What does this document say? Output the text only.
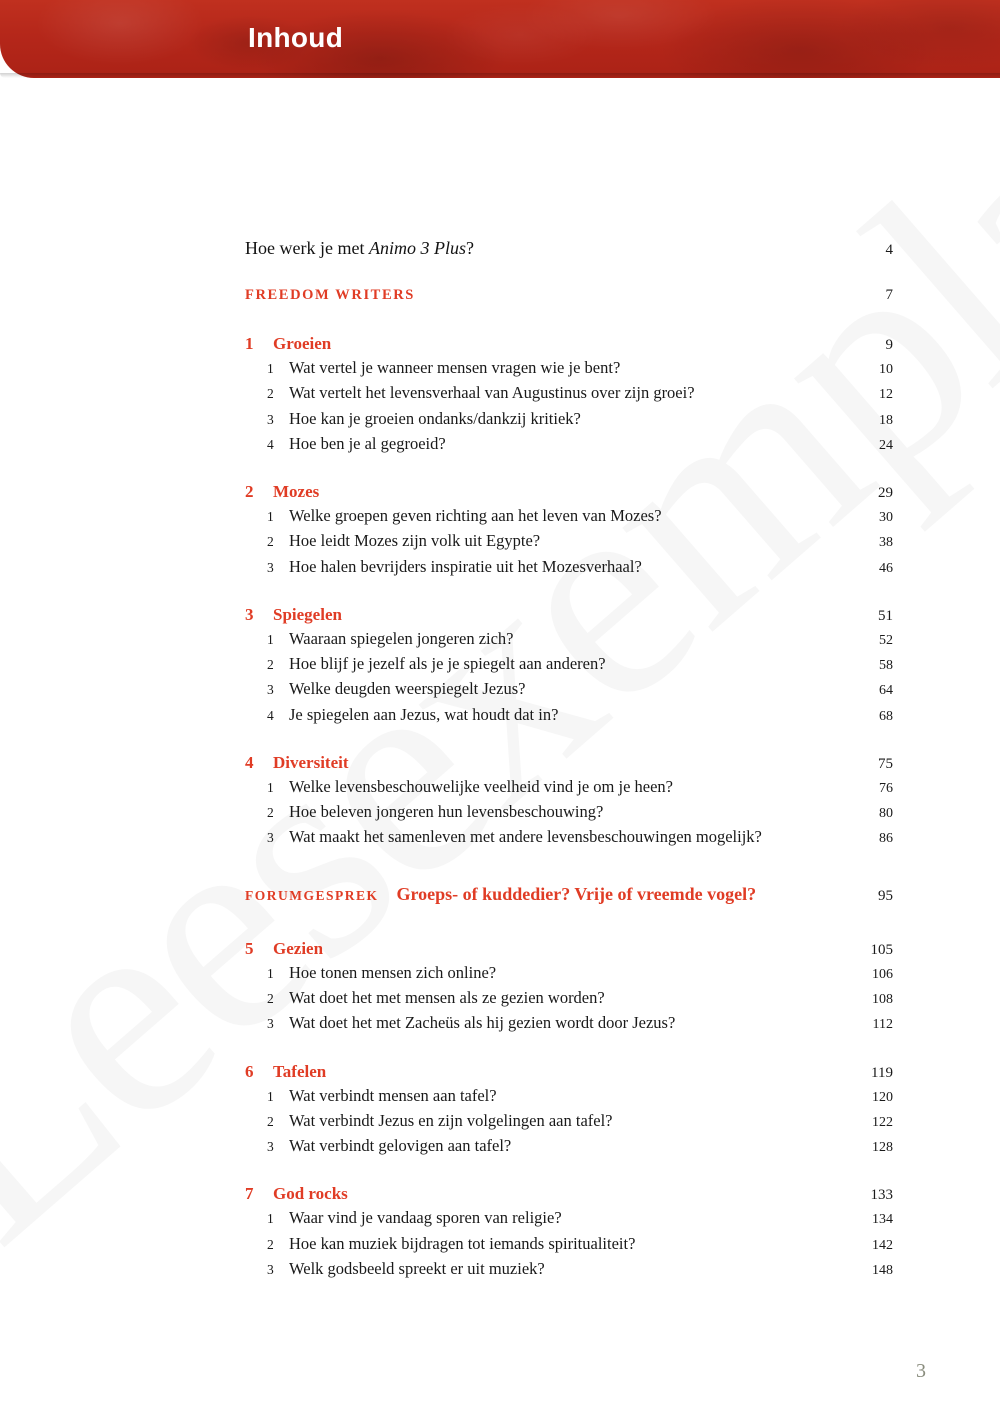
Inhoud
Hoe werk je met Animo 3 Plus?	4
FREEDOM WRITERS	7
1	Groeien	9
1 Wat vertel je wanneer mensen vragen wie je bent?	10
2 Wat vertelt het levensverhaal van Augustinus over zijn groei?	12
3 Hoe kan je groeien ondanks/dankzij kritiek?	18
4 Hoe ben je al gegroeid?	24
2	Mozes	29
1 Welke groepen geven richting aan het leven van Mozes?	30
2 Hoe leidt Mozes zijn volk uit Egypte?	38
3 Hoe halen bevrijders inspiratie uit het Mozesverhaal?	46
3	Spiegelen	51
1 Waaraan spiegelen jongeren zich?	52
2 Hoe blijf je jezelf als je je spiegelt aan anderen?	58
3 Welke deugden weerspiegelt Jezus?	64
4 Je spiegelen aan Jezus, wat houdt dat in?	68
4	Diversiteit	75
1 Welke levensbeschouwelijke veelheid vind je om je heen?	76
2 Hoe beleven jongeren hun levensbeschouwing?	80
3 Wat maakt het samenleven met andere levensbeschouwingen mogelijk?	86
FORUMGESPREK Groeps- of kuddedier? Vrije of vreemde vogel?	95
5	Gezien	105
1 Hoe tonen mensen zich online?	106
2 Wat doet het met mensen als ze gezien worden?	108
3 Wat doet het met Zacheüs als hij gezien wordt door Jezus?	112
6	Tafelen	119
1 Wat verbindt mensen aan tafel?	120
2 Wat verbindt Jezus en zijn volgelingen aan tafel?	122
3 Wat verbindt gelovigen aan tafel?	128
7	God rocks	133
1 Waar vind je vandaag sporen van religie?	134
2 Hoe kan muziek bijdragen tot iemands spiritualiteit?	142
3 Welk godsbeeld spreekt er uit muziek?	148
3
